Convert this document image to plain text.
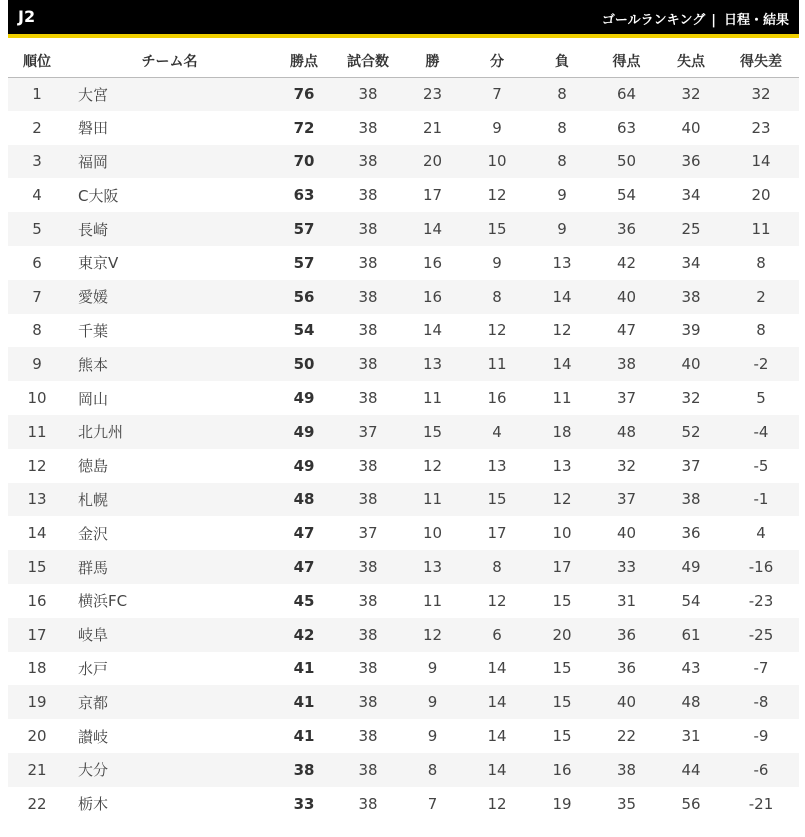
J2	ゴールランキング | 日程・結果
順位	チーム名	勝点	試合数	勝	分	負	得点	失点	得失差
1	大宮	76	38	23	7	8	64	32	32
2	磐田	72	38	21	9	8	63	40	23
3	福岡	70	38	20	10	8	50	36	14
4	C大阪	63	38	17	12	9	54	34	20
5	長崎	57	38	14	15	9	36	25	11
6	東京V	57	38	16	9	13	42	34	8
7	愛媛	56	38	16	8	14	40	38	2
8	千葉	54	38	14	12	12	47	39	8
9	熊本	50	38	13	11	14	38	40	-2
10	岡山	49	38	11	16	11	37	32	5
11	北九州	49	37	15	4	18	48	52	-4
12	徳島	49	38	12	13	13	32	37	-5
13	札幌	48	38	11	15	12	37	38	-1
14	金沢	47	37	10	17	10	40	36	4
15	群馬	47	38	13	8	17	33	49	-16
16	横浜FC	45	38	11	12	15	31	54	-23
17	岐阜	42	38	12	6	20	36	61	-25
18	水戸	41	38	9	14	15	36	43	-7
19	京都	41	38	9	14	15	40	48	-8
20	讃岐	41	38	9	14	15	22	31	-9
21	大分	38	38	8	14	16	38	44	-6
22	栃木	33	38	7	12	19	35	56	-21
